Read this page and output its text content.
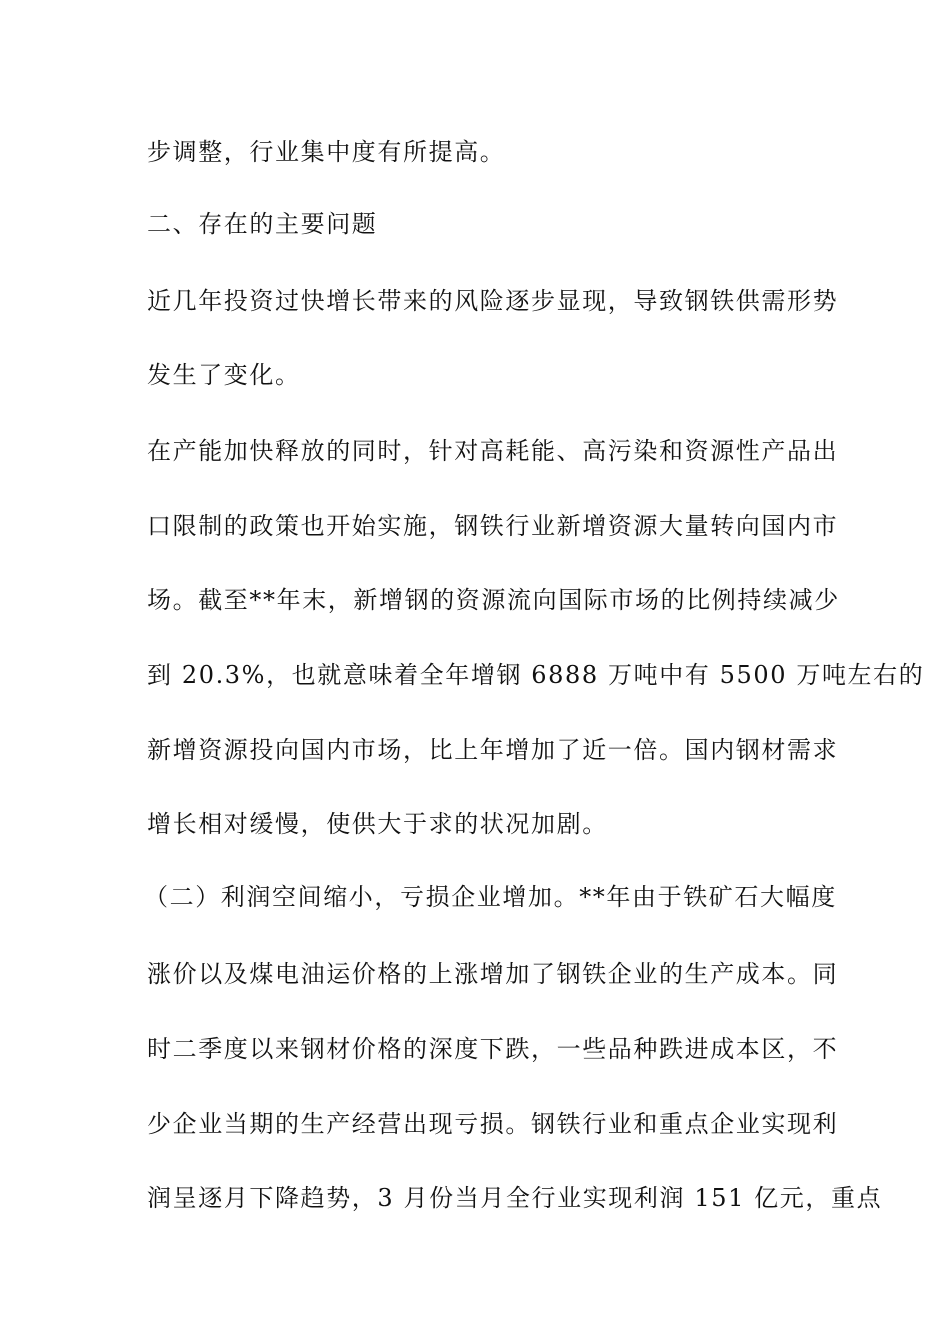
步调整，行业集中度有所提高。
二、存在的主要问题
近几年投资过快增长带来的风险逐步显现，导致钢铁供需形势
发生了变化。
在产能加快释放的同时，针对高耗能、高污染和资源性产品出
口限制的政策也开始实施，钢铁行业新增资源大量转向国内市
场。截至**年末，新增钢的资源流向国际市场的比例持续减少
到 20.3%，也就意味着全年增钢 6888 万吨中有 5500 万吨左右的
新增资源投向国内市场，比上年增加了近一倍。国内钢材需求
增长相对缓慢，使供大于求的状况加剧。
（二）利润空间缩小，亏损企业增加。**年由于铁矿石大幅度
涨价以及煤电油运价格的上涨增加了钢铁企业的生产成本。同
时二季度以来钢材价格的深度下跌，一些品种跌进成本区，不
少企业当期的生产经营出现亏损。钢铁行业和重点企业实现利
润呈逐月下降趋势，3 月份当月全行业实现利润 151 亿元，重点
